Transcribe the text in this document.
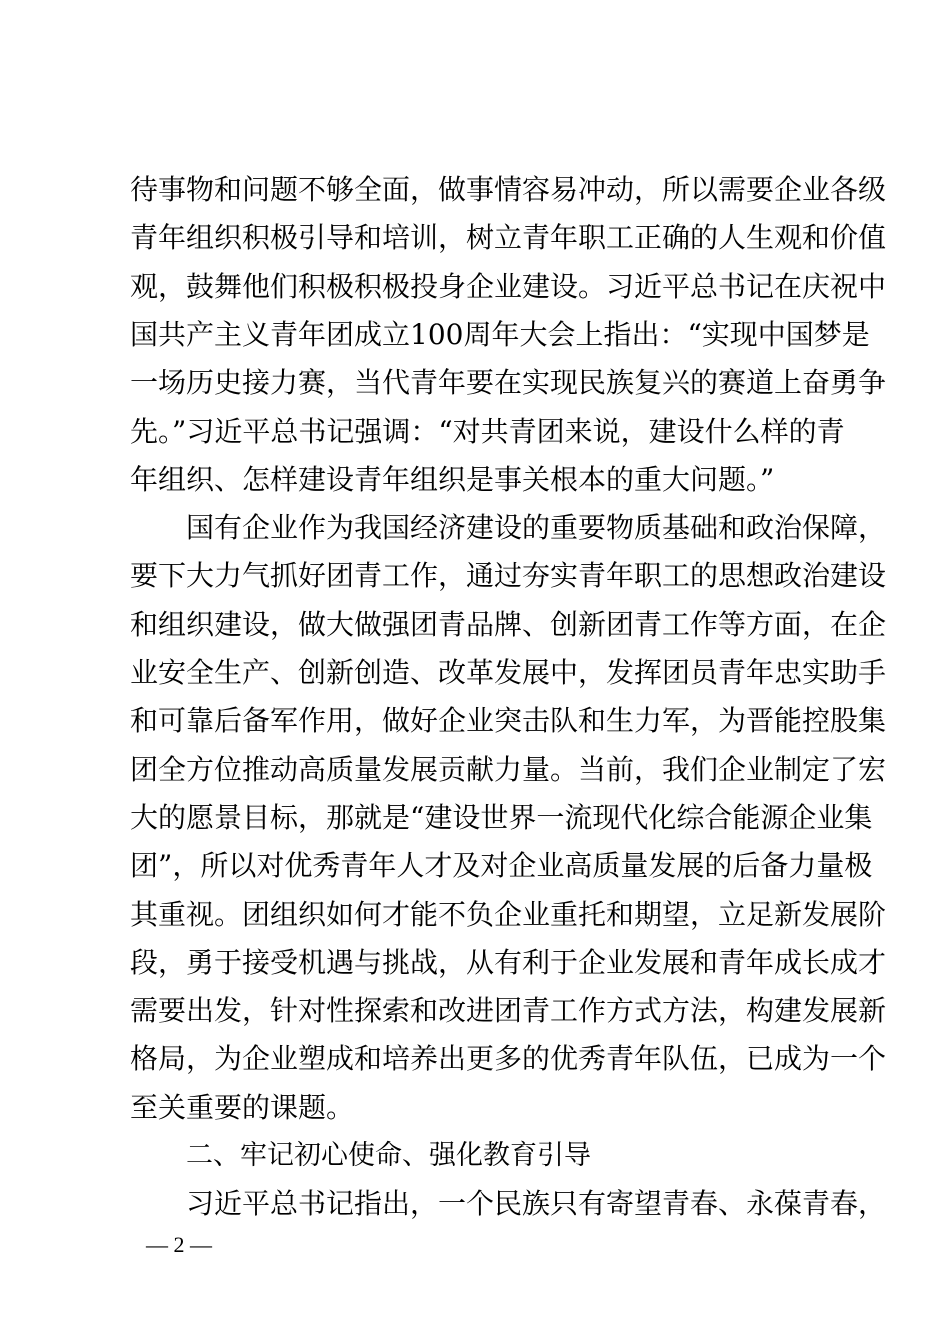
待事物和问题不够全面，做事情容易冲动，所以需要企业各级
青年组织积极引导和培训，树立青年职工正确的人生观和价值
观，鼓舞他们积极积极投身企业建设。习近平总书记在庆祝中
国共产主义青年团成立100周年大会上指出：“实现中国梦是
一场历史接力赛，当代青年要在实现民族复兴的赛道上奋勇争
先。”习近平总书记强调：“对共青团来说，建设什么样的青
年组织、怎样建设青年组织是事关根本的重大问题。”
国有企业作为我国经济建设的重要物质基础和政治保障，
要下大力气抓好团青工作，通过夯实青年职工的思想政治建设
和组织建设，做大做强团青品牌、创新团青工作等方面，在企
业安全生产、创新创造、改革发展中，发挥团员青年忠实助手
和可靠后备军作用，做好企业突击队和生力军，为晋能控股集
团全方位推动高质量发展贡献力量。当前，我们企业制定了宏
大的愿景目标，那就是“建设世界一流现代化综合能源企业集
团”，所以对优秀青年人才及对企业高质量发展的后备力量极
其重视。团组织如何才能不负企业重托和期望，立足新发展阶
段，勇于接受机遇与挑战，从有利于企业发展和青年成长成才
需要出发，针对性探索和改进团青工作方式方法，构建发展新
格局，为企业塑成和培养出更多的优秀青年队伍，已成为一个
至关重要的课题。
二、牢记初心使命、强化教育引导
习近平总书记指出，一个民族只有寄望青春、永葆青春，
— 2 —
